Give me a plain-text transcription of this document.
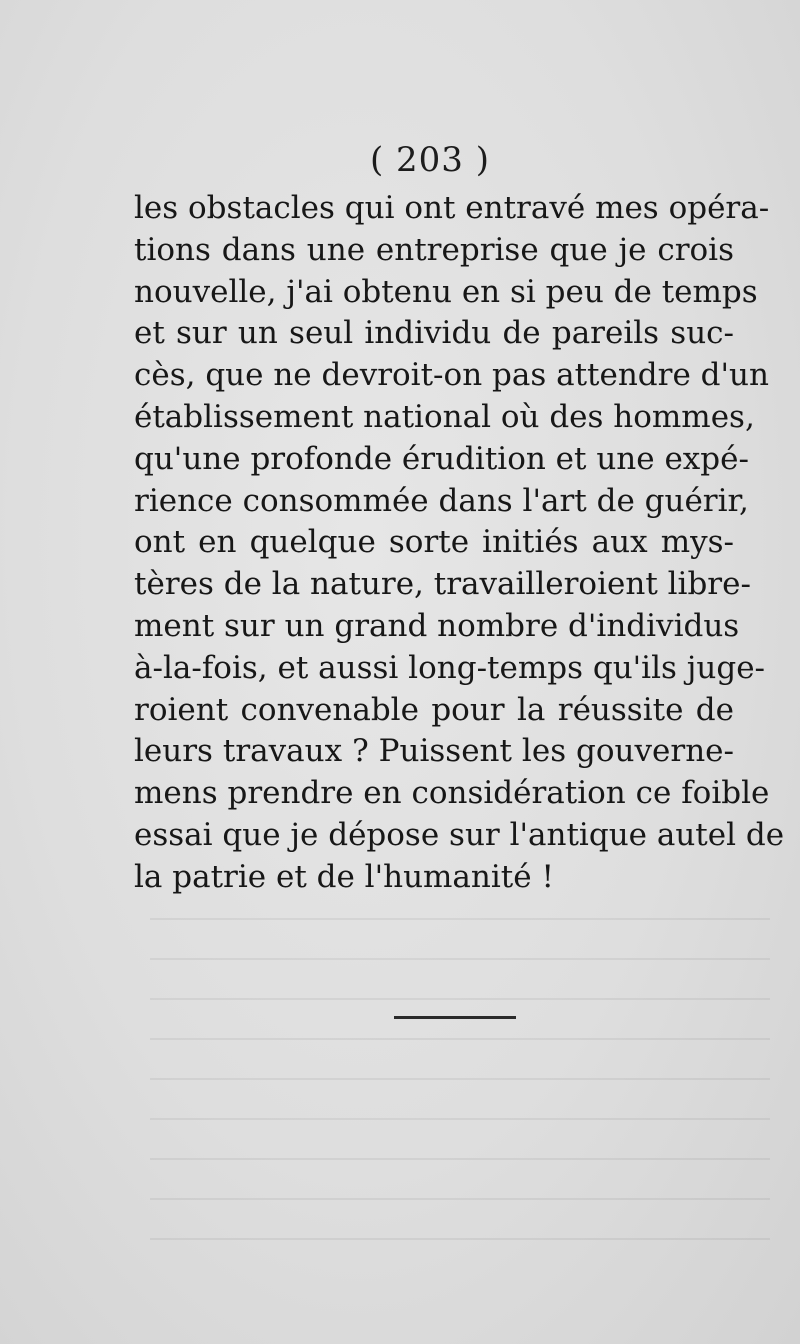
( 203 )
les obstacles qui ont entravé mes opéra-
tions dans une entreprise que je crois
nouvelle, j'ai obtenu en si peu de temps
et sur un seul individu de pareils suc-
cès, que ne devroit-on pas attendre d'un
établissement national où des hommes,
qu'une profonde érudition et une expé-
rience consommée dans l'art de guérir,
ont en quelque sorte initiés aux mys-
tères de la nature, travailleroient libre-
ment sur un grand nombre d'individus
à-la-fois, et aussi long-temps qu'ils juge-
roient convenable pour la réussite de
leurs travaux ? Puissent les gouverne-
mens prendre en considération ce foible
essai que je dépose sur l'antique autel de
la patrie et de l'humanité !
